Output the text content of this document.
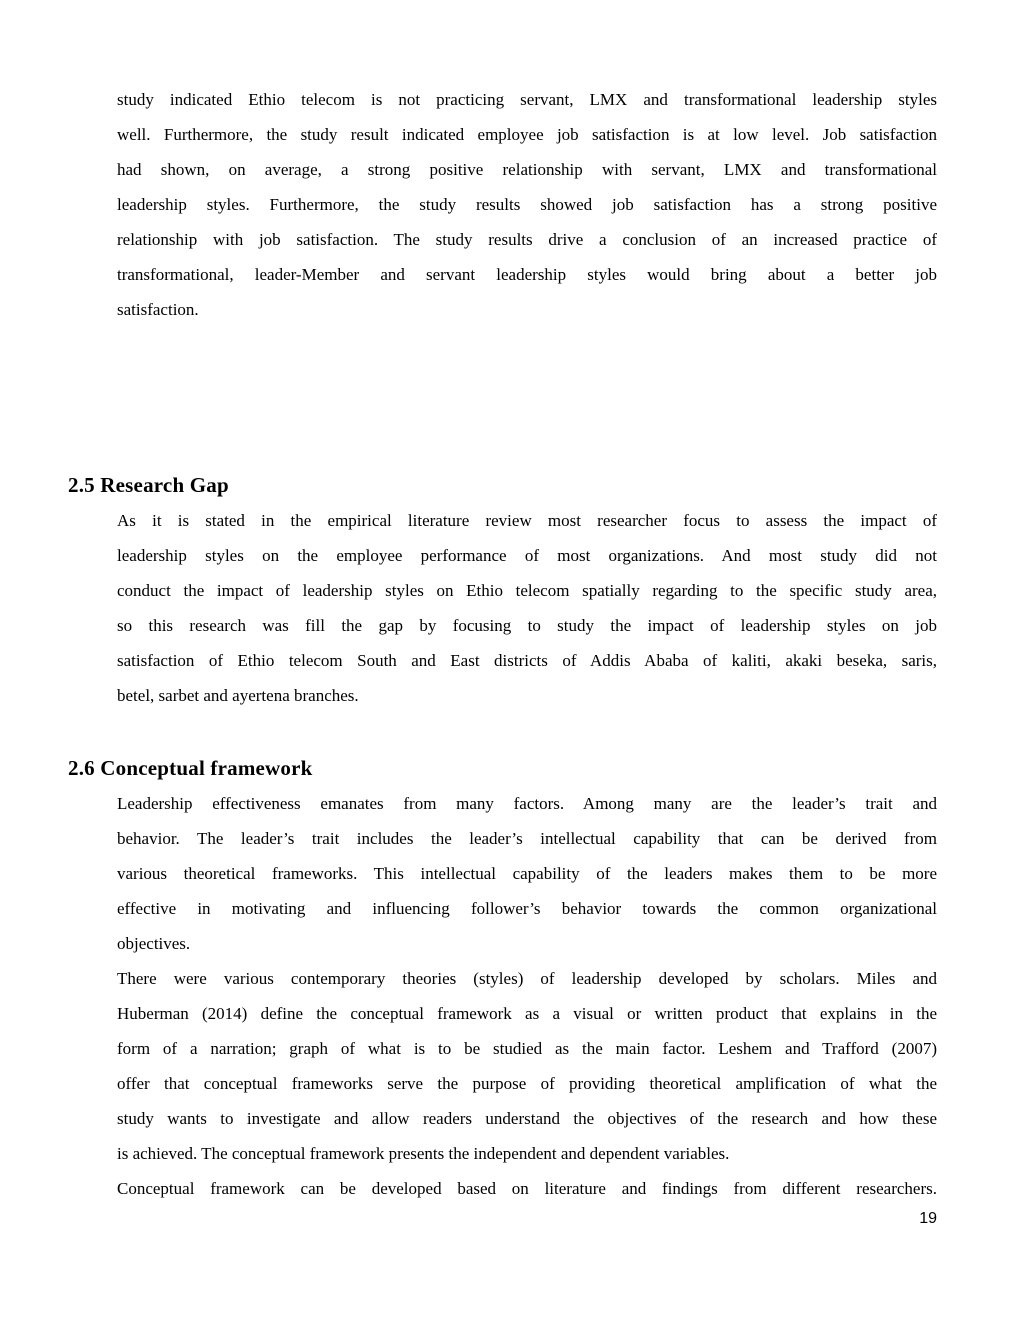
study indicated Ethio telecom is not practicing servant, LMX and transformational leadership styles
well. Furthermore, the study result indicated employee job satisfaction is at low level. Job satisfaction
had shown, on average, a strong positive relationship with servant, LMX and transformational
leadership styles. Furthermore, the study results showed job satisfaction has a strong positive
relationship with job satisfaction. The study results drive a conclusion of an increased practice of
transformational, leader-Member and servant leadership styles would bring about a better job
satisfaction.
2.5 Research Gap
As it is stated in the empirical literature review most researcher focus to assess the impact of
leadership styles on the employee performance of most organizations. And most study did not
conduct the impact of leadership styles on Ethio telecom spatially regarding to the specific study area,
so this research was fill the gap by focusing to study the impact of leadership styles on job
satisfaction of Ethio telecom South and East districts of Addis Ababa of kaliti, akaki beseka, saris,
betel, sarbet and ayertena branches.
2.6 Conceptual framework
Leadership effectiveness emanates from many factors. Among many are the leader’s trait and
behavior. The leader’s trait includes the leader’s intellectual capability that can be derived from
various theoretical frameworks. This intellectual capability of the leaders makes them to be more
effective in motivating and influencing follower’s behavior towards the common organizational
objectives.
There were various contemporary theories (styles) of leadership developed by scholars. Miles and
Huberman (2014) define the conceptual framework as a visual or written product that explains in the
form of a narration; graph of what is to be studied as the main factor. Leshem and Trafford (2007)
offer that conceptual frameworks serve the purpose of providing theoretical amplification of what the
study wants to investigate and allow readers understand the objectives of the research and how these
is achieved. The conceptual framework presents the independent and dependent variables.
Conceptual framework can be developed based on literature and findings from different researchers.
19
